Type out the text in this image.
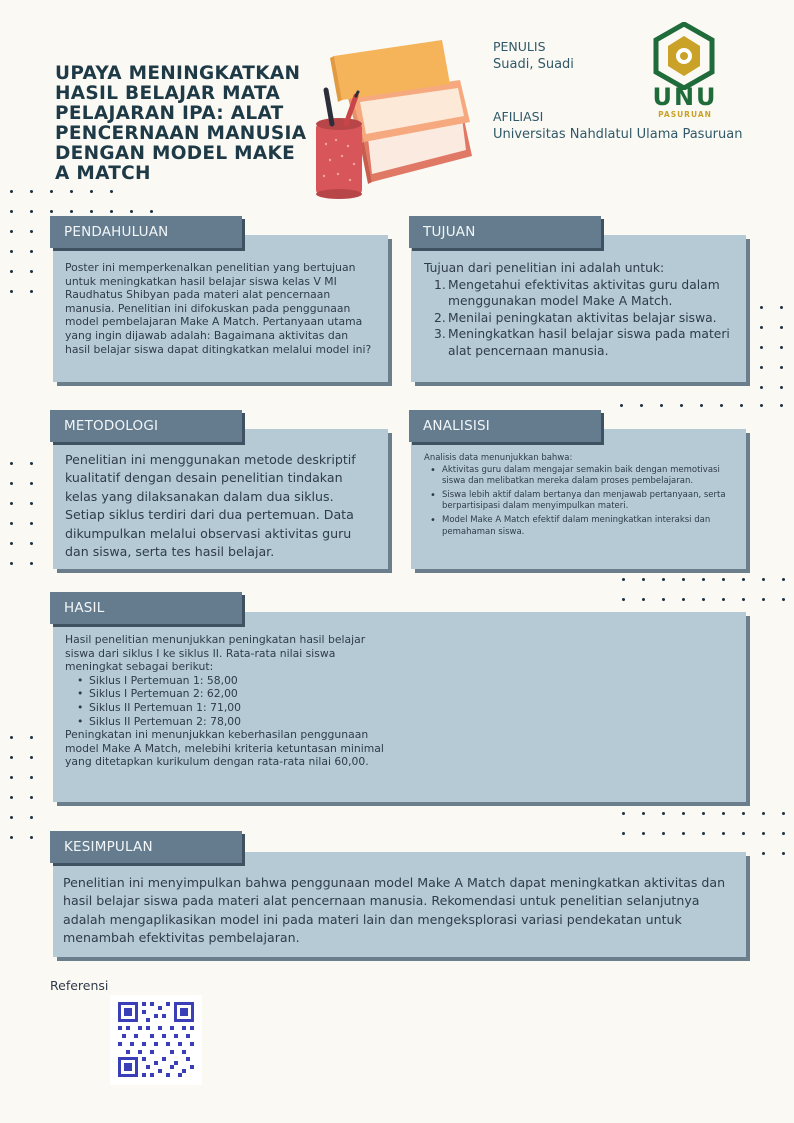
UPAYA MENINGKATKAN HASIL BELAJAR MATA PELAJARAN IPA: ALAT PENCERNAAN MANUSIA DENGAN MODEL MAKE A MATCH
PENULIS
Suadi, Suadi
AFILIASI
Universitas Nahdlatul Ulama Pasuruan
UNU
PASURUAN
PENDAHULUAN
Poster ini memperkenalkan penelitian yang bertujuan untuk meningkatkan hasil belajar siswa kelas V MI Raudhatus Shibyan pada materi alat pencernaan manusia. Penelitian ini difokuskan pada penggunaan model pembelajaran Make A Match. Pertanyaan utama yang ingin dijawab adalah: Bagaimana aktivitas dan hasil belajar siswa dapat ditingkatkan melalui model ini?
TUJUAN
Tujuan dari penelitian ini adalah untuk:
1. Mengetahui efektivitas aktivitas guru dalam menggunakan model Make A Match.
2. Menilai peningkatan aktivitas belajar siswa.
3. Meningkatkan hasil belajar siswa pada materi alat pencernaan manusia.
METODOLOGI
Penelitian ini menggunakan metode deskriptif kualitatif dengan desain penelitian tindakan kelas yang dilaksanakan dalam dua siklus. Setiap siklus terdiri dari dua pertemuan. Data dikumpulkan melalui observasi aktivitas guru dan siswa, serta tes hasil belajar.
ANALISISI
Analisis data menunjukkan bahwa:
• Aktivitas guru dalam mengajar semakin baik dengan memotivasi siswa dan melibatkan mereka dalam proses pembelajaran.
• Siswa lebih aktif dalam bertanya dan menjawab pertanyaan, serta berpartisipasi dalam menyimpulkan materi.
• Model Make A Match efektif dalam meningkatkan interaksi dan pemahaman siswa.
HASIL
Hasil penelitian menunjukkan peningkatan hasil belajar siswa dari siklus I ke siklus II. Rata-rata nilai siswa meningkat sebagai berikut:
• Siklus I Pertemuan 1: 58,00
• Siklus I Pertemuan 2: 62,00
• Siklus II Pertemuan 1: 71,00
• Siklus II Pertemuan 2: 78,00
Peningkatan ini menunjukkan keberhasilan penggunaan model Make A Match, melebihi kriteria ketuntasan minimal yang ditetapkan kurikulum dengan rata-rata nilai 60,00.
KESIMPULAN
Penelitian ini menyimpulkan bahwa penggunaan model Make A Match dapat meningkatkan aktivitas dan hasil belajar siswa pada materi alat pencernaan manusia. Rekomendasi untuk penelitian selanjutnya adalah mengaplikasikan model ini pada materi lain dan mengeksplorasi variasi pendekatan untuk menambah efektivitas pembelajaran.
Referensi
